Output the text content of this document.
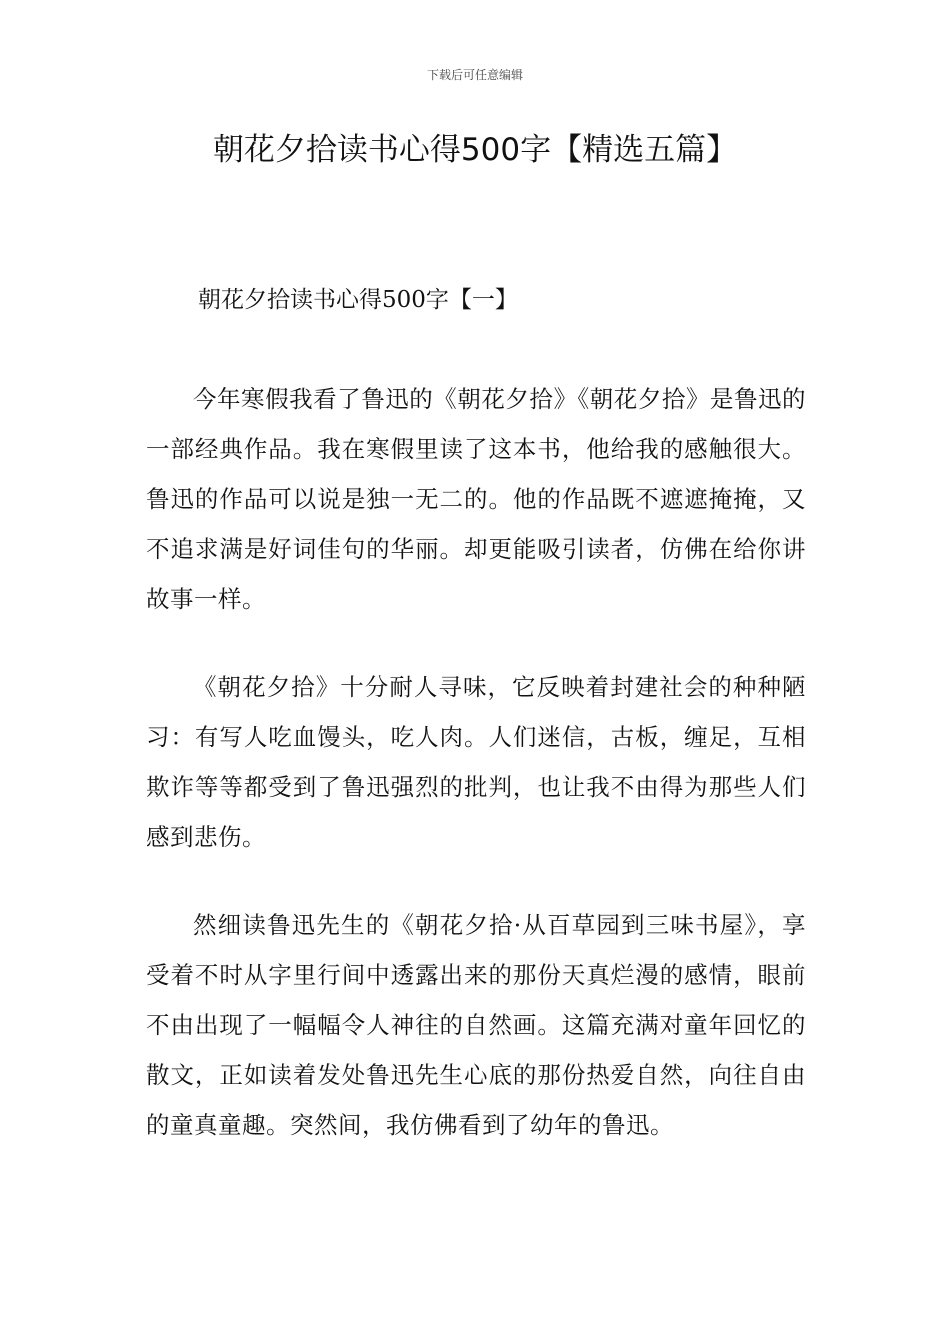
下载后可任意编辑
朝花夕拾读书心得500字【精选五篇】
朝花夕拾读书心得500字【一】

今年寒假我看了鲁迅的《朝花夕拾》《朝花夕拾》是鲁迅的一部经典作品。我在寒假里读了这本书，他给我的感触很大。鲁迅的作品可以说是独一无二的。他的作品既不遮遮掩掩，又不追求满是好词佳句的华丽。却更能吸引读者，仿佛在给你讲故事一样。

《朝花夕拾》十分耐人寻味，它反映着封建社会的种种陋习：有写人吃血馒头，吃人肉。人们迷信，古板，缠足，互相欺诈等等都受到了鲁迅强烈的批判，也让我不由得为那些人们感到悲伤。

然细读鲁迅先生的《朝花夕拾·从百草园到三味书屋》，享受着不时从字里行间中透露出来的那份天真烂漫的感情，眼前不由出现了一幅幅令人神往的自然画。这篇充满对童年回忆的散文，正如读着发处鲁迅先生心底的那份热爱自然，向往自由的童真童趣。突然间，我仿佛看到了幼年的鲁迅。
